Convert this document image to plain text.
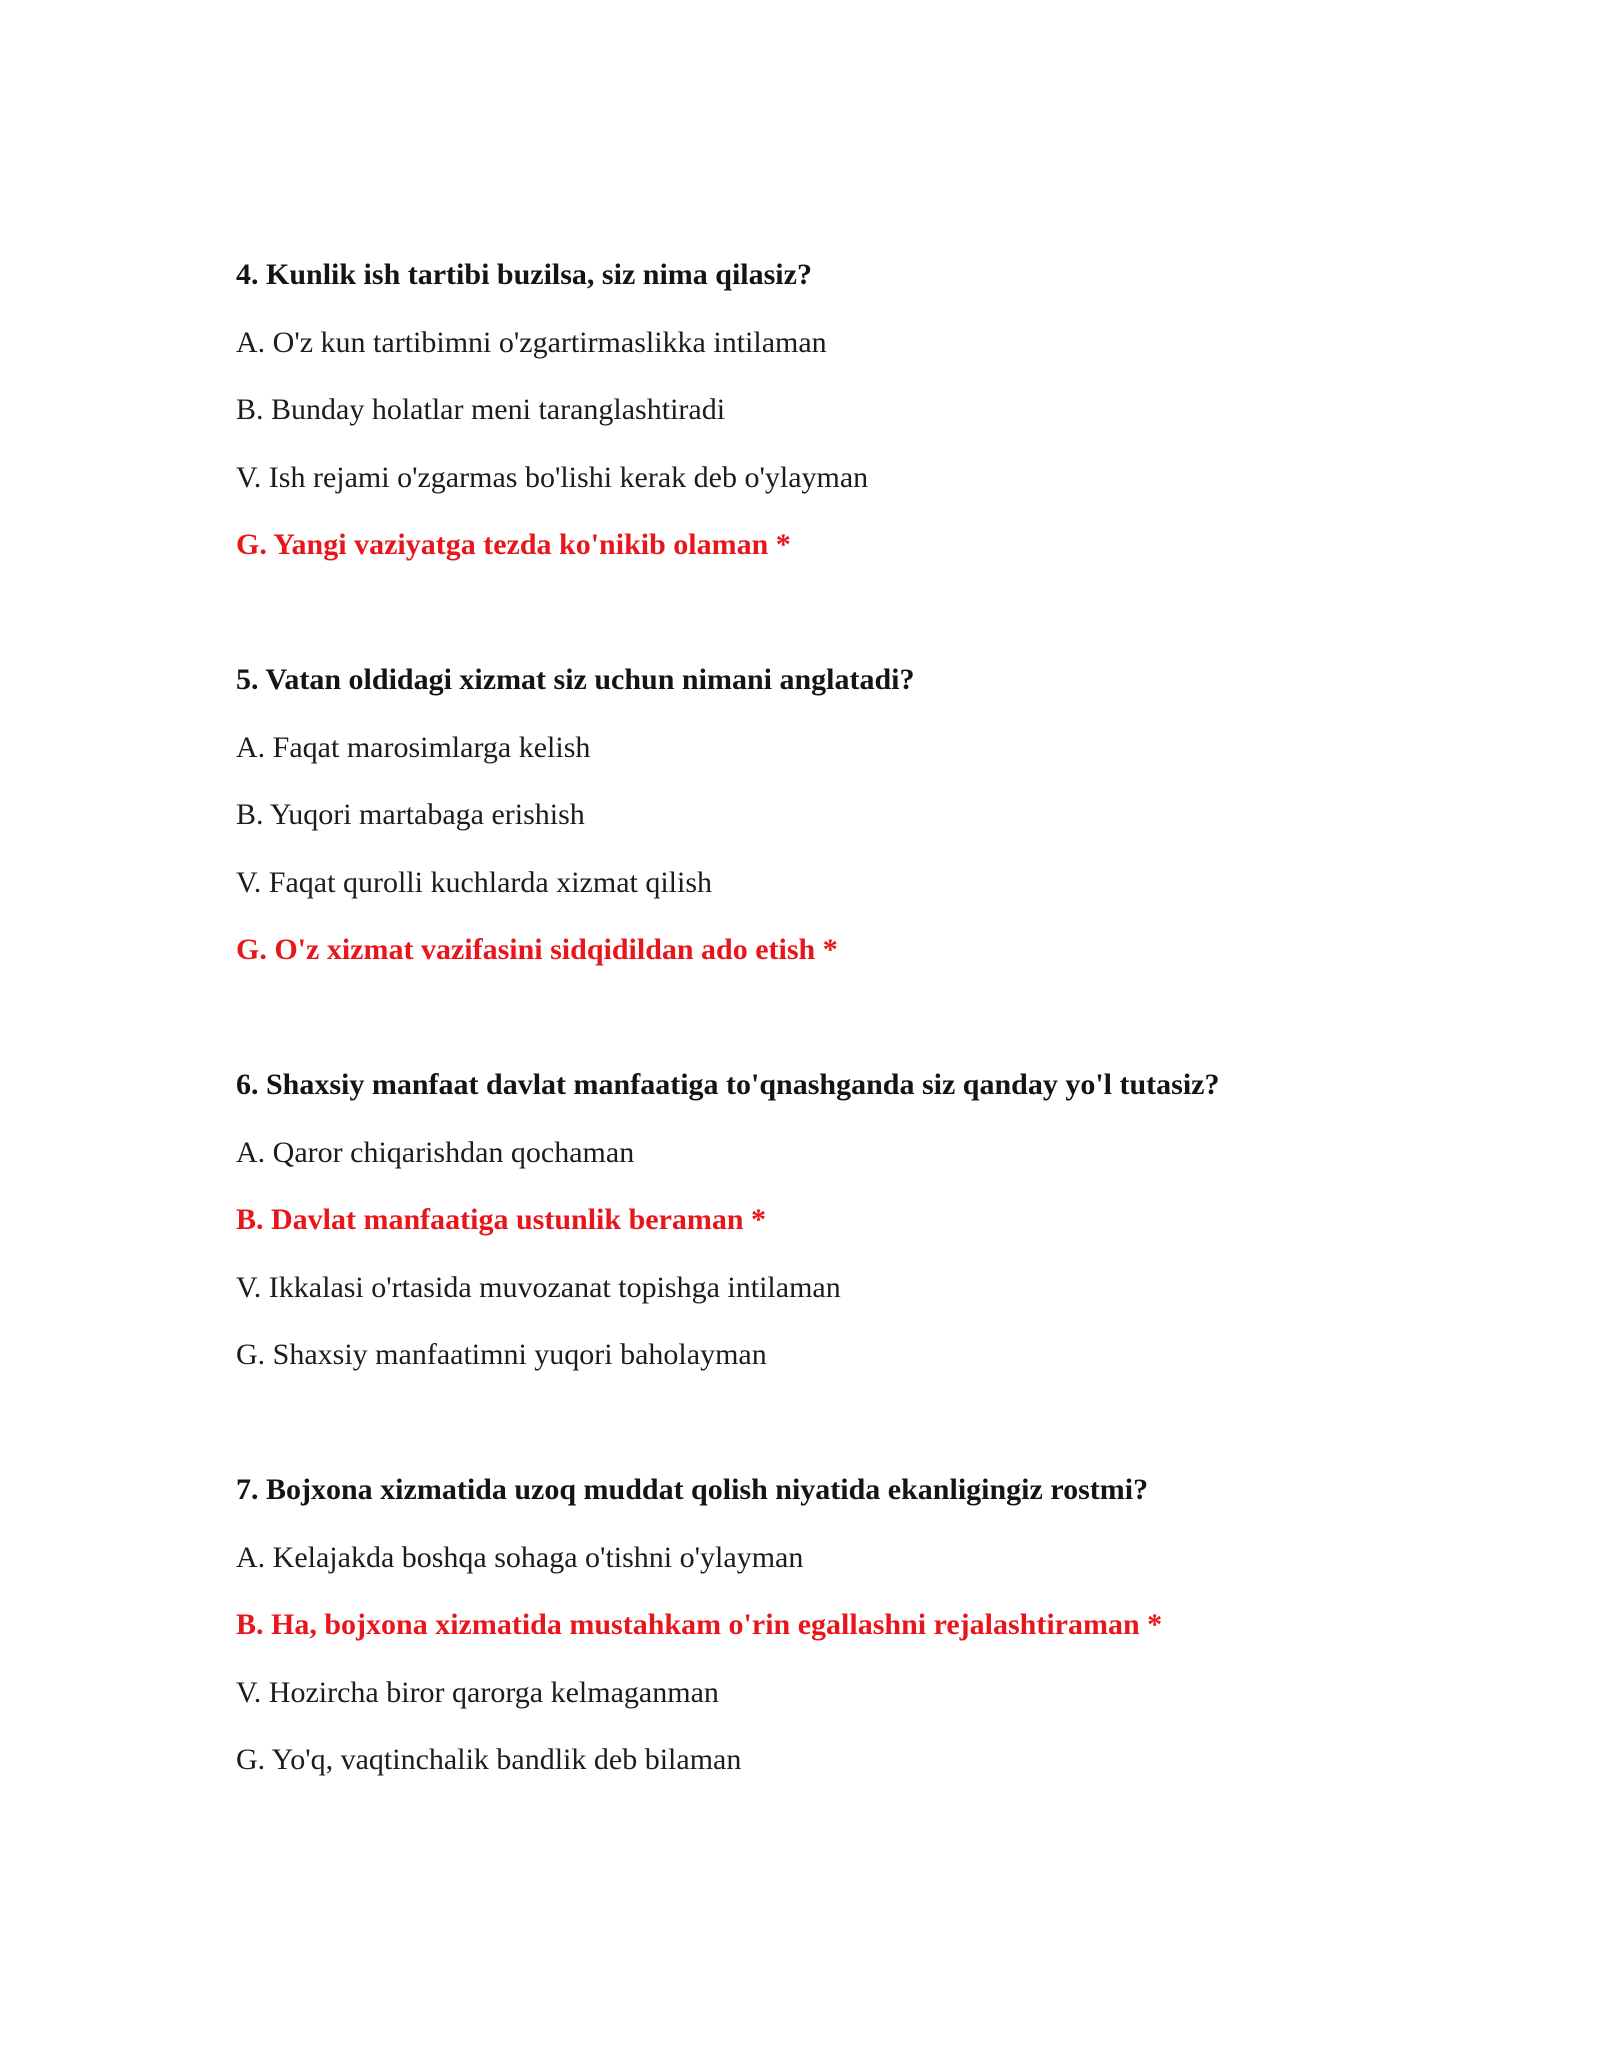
4. Kunlik ish tartibi buzilsa, siz nima qilasiz?

A. O'z kun tartibimni o'zgartirmaslikka intilaman

B. Bunday holatlar meni taranglashtiradi

V. Ish rejami o'zgarmas bo'lishi kerak deb o'ylayman

G. Yangi vaziyatga tezda ko'nikib olaman *

5. Vatan oldidagi xizmat siz uchun nimani anglatadi?

A. Faqat marosimlarga kelish

B. Yuqori martabaga erishish

V. Faqat qurolli kuchlarda xizmat qilish

G. O'z xizmat vazifasini sidqidildan ado etish *

6. Shaxsiy manfaat davlat manfaatiga to'qnashganda siz qanday yo'l tutasiz?

A. Qaror chiqarishdan qochaman

B. Davlat manfaatiga ustunlik beraman *

V. Ikkalasi o'rtasida muvozanat topishga intilaman

G. Shaxsiy manfaatimni yuqori baholayman

7. Bojxona xizmatida uzoq muddat qolish niyatida ekanligingiz rostmi?

A. Kelajakda boshqa sohaga o'tishni o'ylayman

B. Ha, bojxona xizmatida mustahkam o'rin egallashni rejalashtiraman *

V. Hozircha biror qarorga kelmaganman

G. Yo'q, vaqtinchalik bandlik deb bilaman
